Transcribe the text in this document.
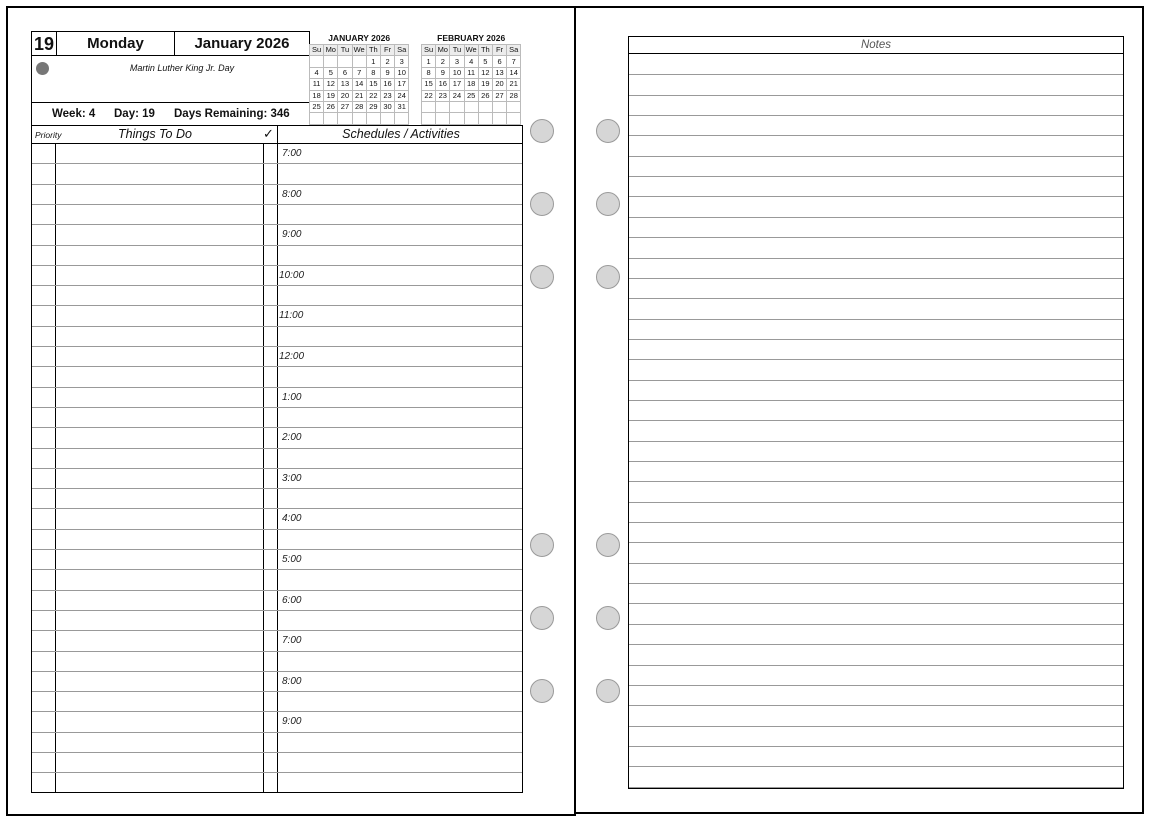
19	Monday	January 2026
Martin Luther King Jr. Day
Week: 4 Day: 19 Days Remaining: 346
JANUARY 2026
Su	Mo	Tu	We	Th	Fr	Sa
				1	2	3
4	5	6	7	8	9	10
11	12	13	14	15	16	17
18	19	20	21	22	23	24
25	26	27	28	29	30	31

FEBRUARY 2026
Su	Mo	Tu	We	Th	Fr	Sa
1	2	3	4	5	6	7
8	9	10	11	12	13	14
15	16	17	18	19	20	21
22	23	24	25	26	27	28

Priority	Things To Do	✓	Schedules / Activities
7:00
8:00
9:00
10:00
11:00
12:00
1:00
2:00
3:00
4:00
5:00
6:00
7:00
8:00
9:00
Notes
